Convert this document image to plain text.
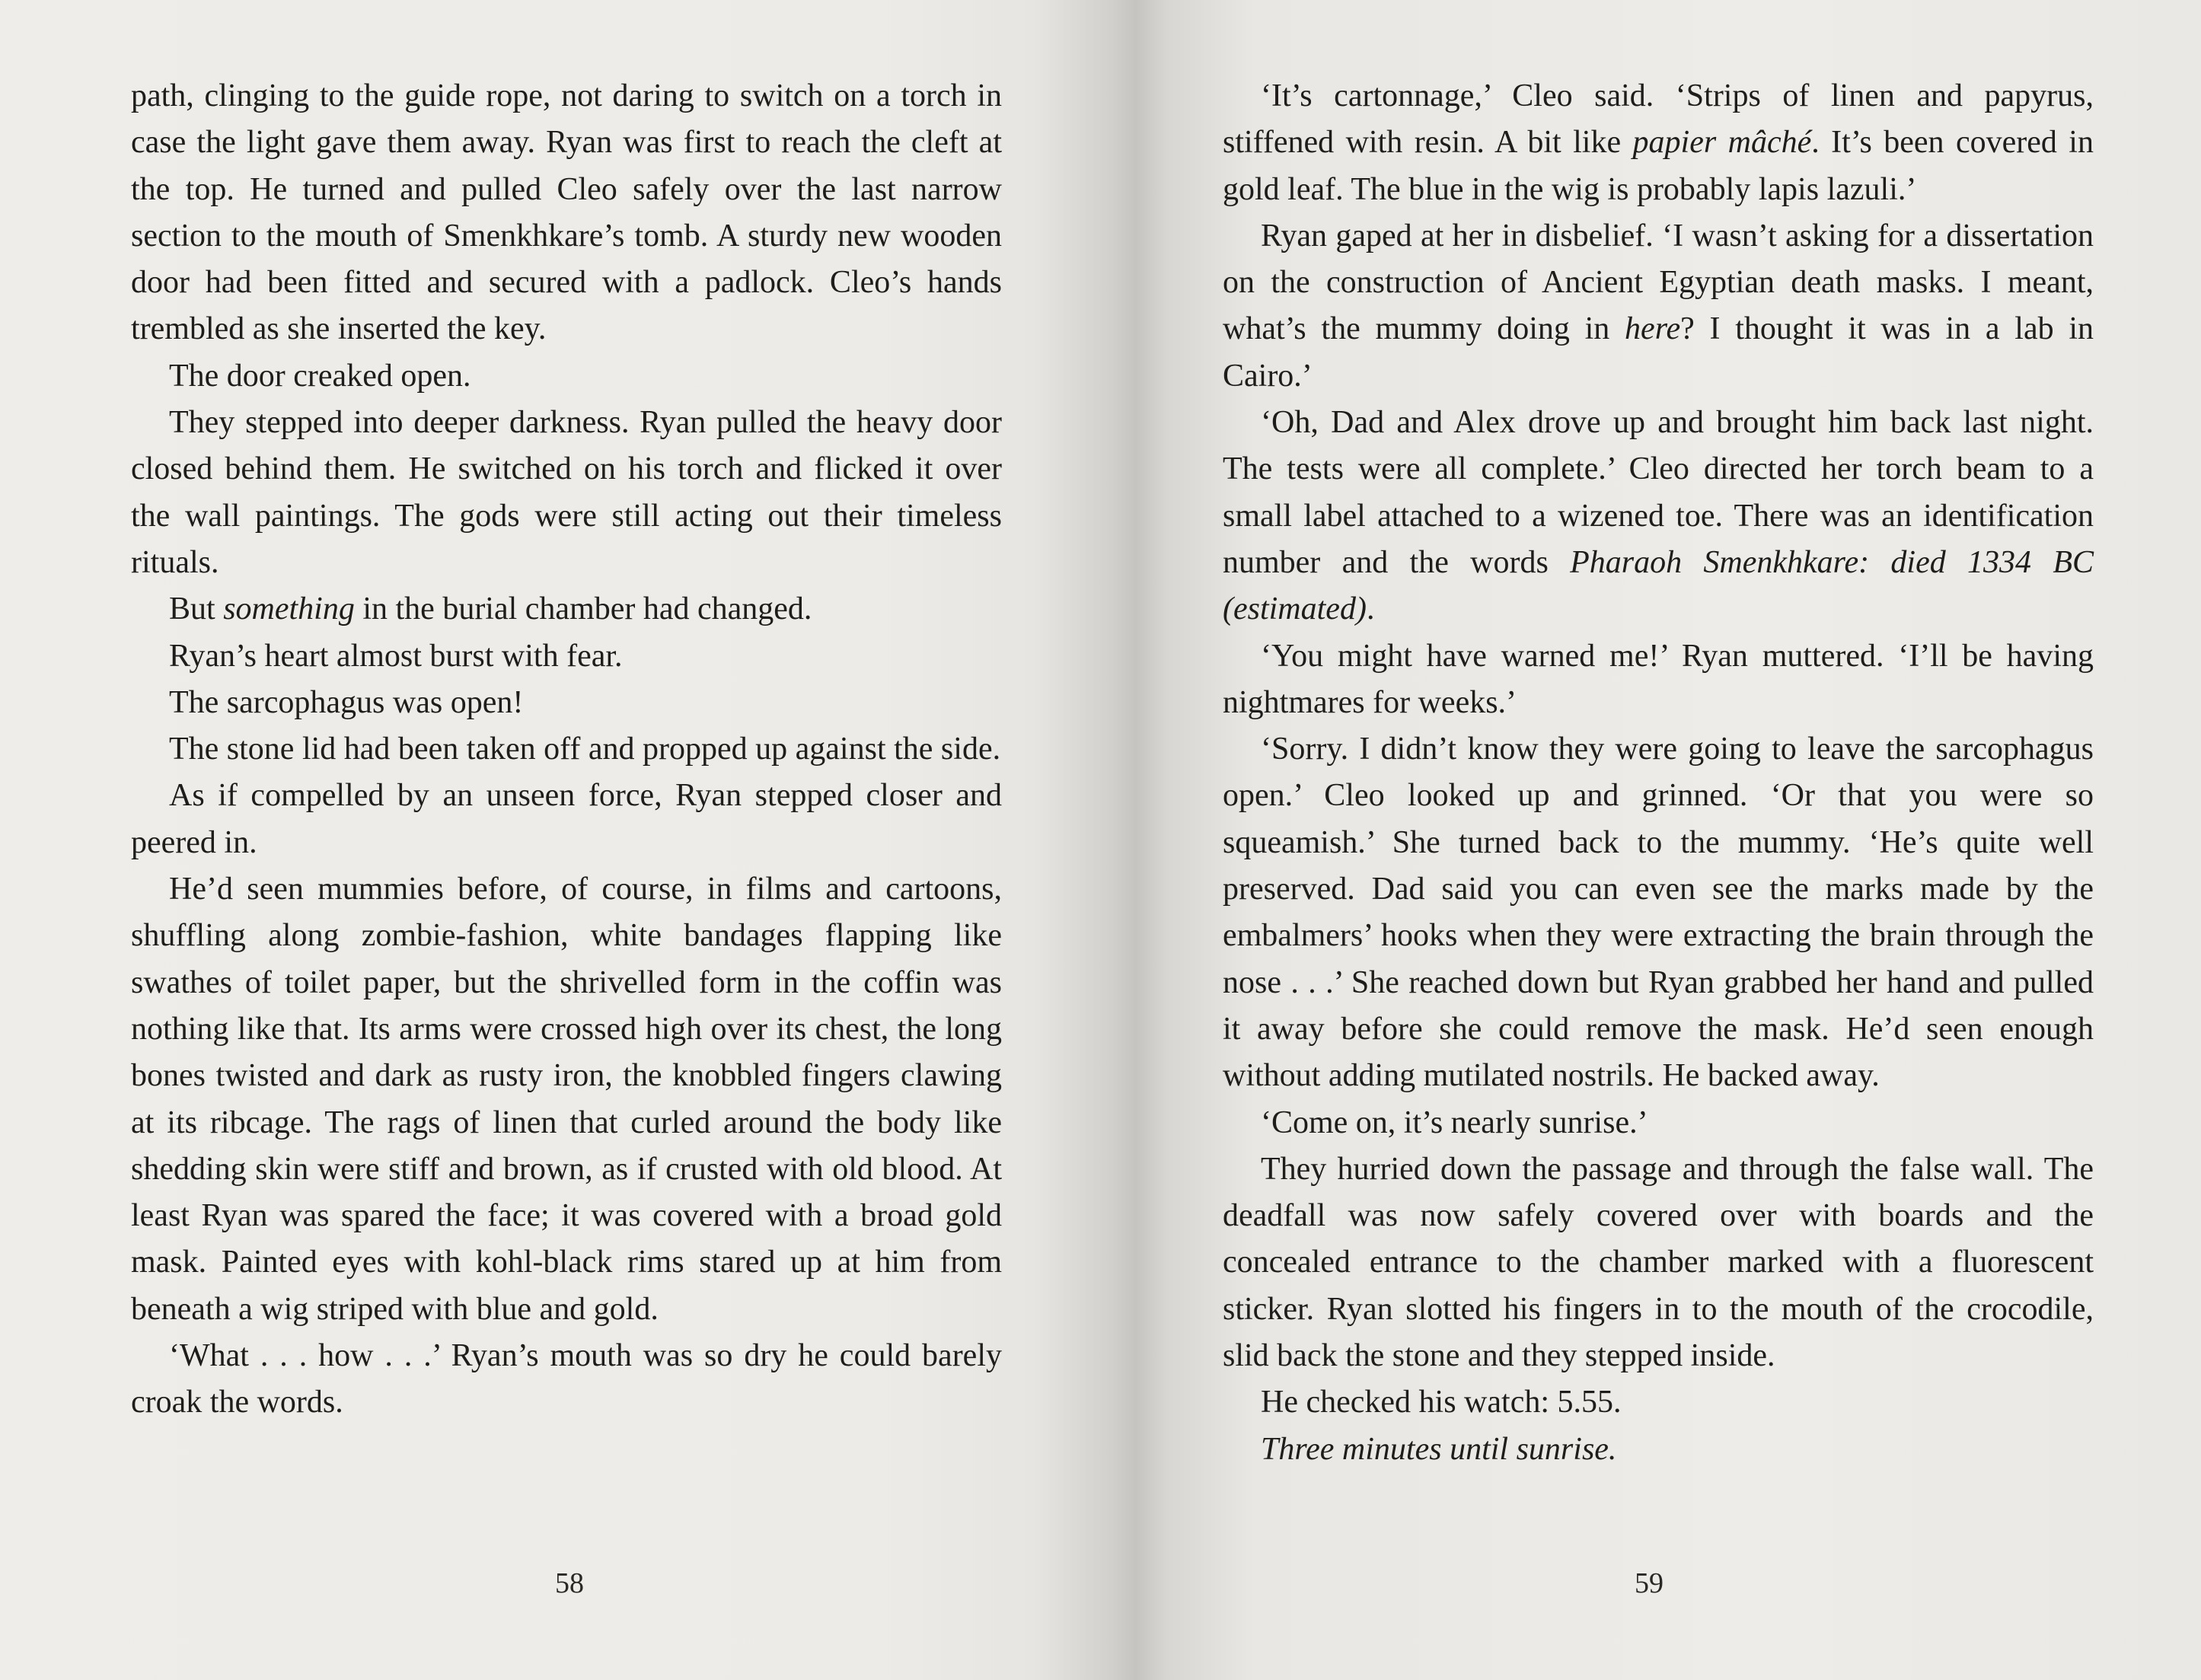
path, clinging to the guide rope, not daring to switch on a torch in case the light gave them away. Ryan was first to reach the cleft at the top. He turned and pulled Cleo safely over the last narrow section to the mouth of Smenkhkare’s tomb. A sturdy new wooden door had been fitted and secured with a padlock. Cleo’s hands trembled as she inserted the key.

The door creaked open.

They stepped into deeper darkness. Ryan pulled the heavy door closed behind them. He switched on his torch and flicked it over the wall paintings. The gods were still acting out their timeless rituals.

But something in the burial chamber had changed.

Ryan’s heart almost burst with fear.

The sarcophagus was open!

The stone lid had been taken off and propped up against the side.

As if compelled by an unseen force, Ryan stepped closer and peered in.

He’d seen mummies before, of course, in films and cartoons, shuffling along zombie-fashion, white bandages flapping like swathes of toilet paper, but the shrivelled form in the coffin was nothing like that. Its arms were crossed high over its chest, the long bones twisted and dark as rusty iron, the knobbled fingers clawing at its ribcage. The rags of linen that curled around the body like shedding skin were stiff and brown, as if crusted with old blood. At least Ryan was spared the face; it was covered with a broad gold mask. Painted eyes with kohl-black rims stared up at him from beneath a wig striped with blue and gold.

‘What . . . how . . .’ Ryan’s mouth was so dry he could barely croak the words.

58

‘It’s cartonnage,’ Cleo said. ‘Strips of linen and papyrus, stiffened with resin. A bit like papier mâché. It’s been covered in gold leaf. The blue in the wig is probably lapis lazuli.’

Ryan gaped at her in disbelief. ‘I wasn’t asking for a dissertation on the construction of Ancient Egyptian death masks. I meant, what’s the mummy doing in here? I thought it was in a lab in Cairo.’

‘Oh, Dad and Alex drove up and brought him back last night. The tests were all complete.’ Cleo directed her torch beam to a small label attached to a wizened toe. There was an identification number and the words Pharaoh Smenkhkare: died 1334 BC (estimated).

‘You might have warned me!’ Ryan muttered. ‘I’ll be having nightmares for weeks.’

‘Sorry. I didn’t know they were going to leave the sarcophagus open.’ Cleo looked up and grinned. ‘Or that you were so squeamish.’ She turned back to the mummy. ‘He’s quite well preserved. Dad said you can even see the marks made by the embalmers’ hooks when they were extracting the brain through the nose . . .’ She reached down but Ryan grabbed her hand and pulled it away before she could remove the mask. He’d seen enough without adding mutilated nostrils. He backed away.

‘Come on, it’s nearly sunrise.’

They hurried down the passage and through the false wall. The deadfall was now safely covered over with boards and the concealed entrance to the chamber marked with a fluorescent sticker. Ryan slotted his fingers in to the mouth of the crocodile, slid back the stone and they stepped inside.

He checked his watch: 5.55.

Three minutes until sunrise.

59
